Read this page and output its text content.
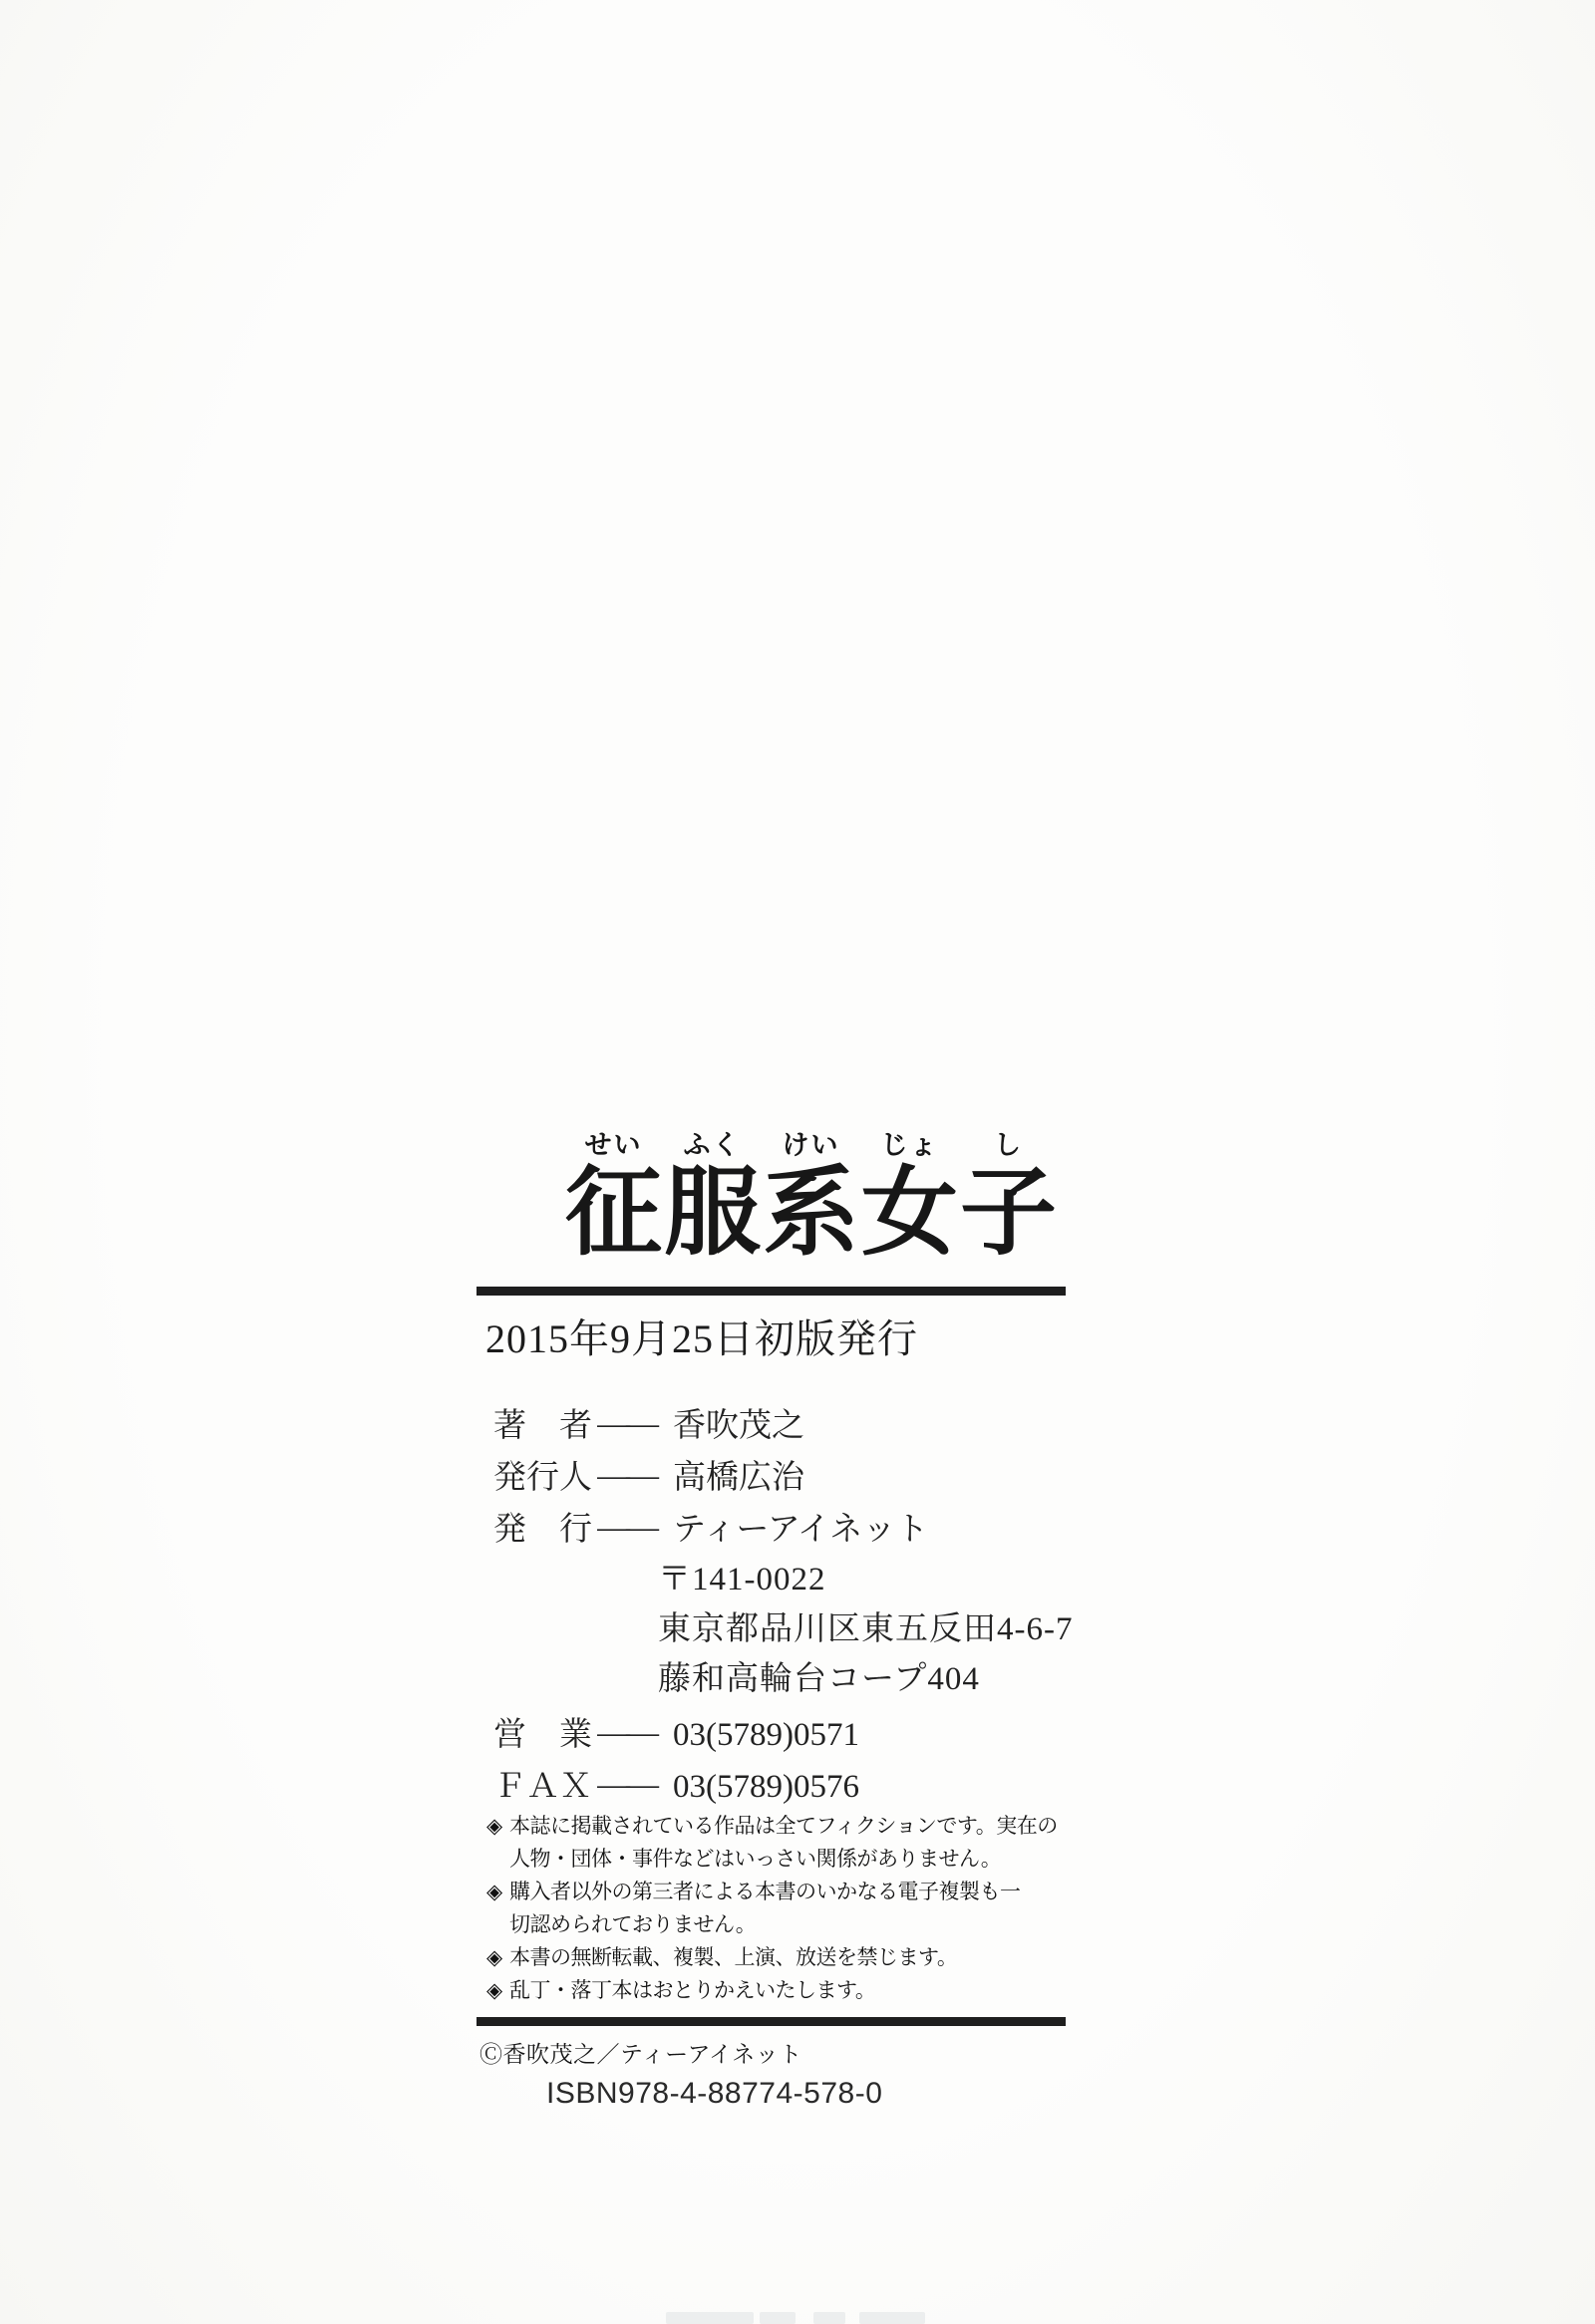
せい	ふく	けい	じょ	し
征 服 系 女 子
2015年9月25日初版発行
著　者 ―― 香吹茂之
発行人 ―― 高橋広治
発　行 ―― ティーアイネット
〒141-0022
東京都品川区東五反田4-6-7
藤和高輪台コープ404
営　業 ―― 03(5789)0571
ＦＡＸ ―― 03(5789)0576
◈ 本誌に掲載されている作品は全てフィクションです。実在の
人物・団体・事件などはいっさい関係がありません。
◈ 購入者以外の第三者による本書のいかなる電子複製も一
切認められておりません。
◈ 本書の無断転載、複製、上演、放送を禁じます。
◈ 乱丁・落丁本はおとりかえいたします。
Ⓒ香吹茂之／ティーアイネット
ISBN978-4-88774-578-0
